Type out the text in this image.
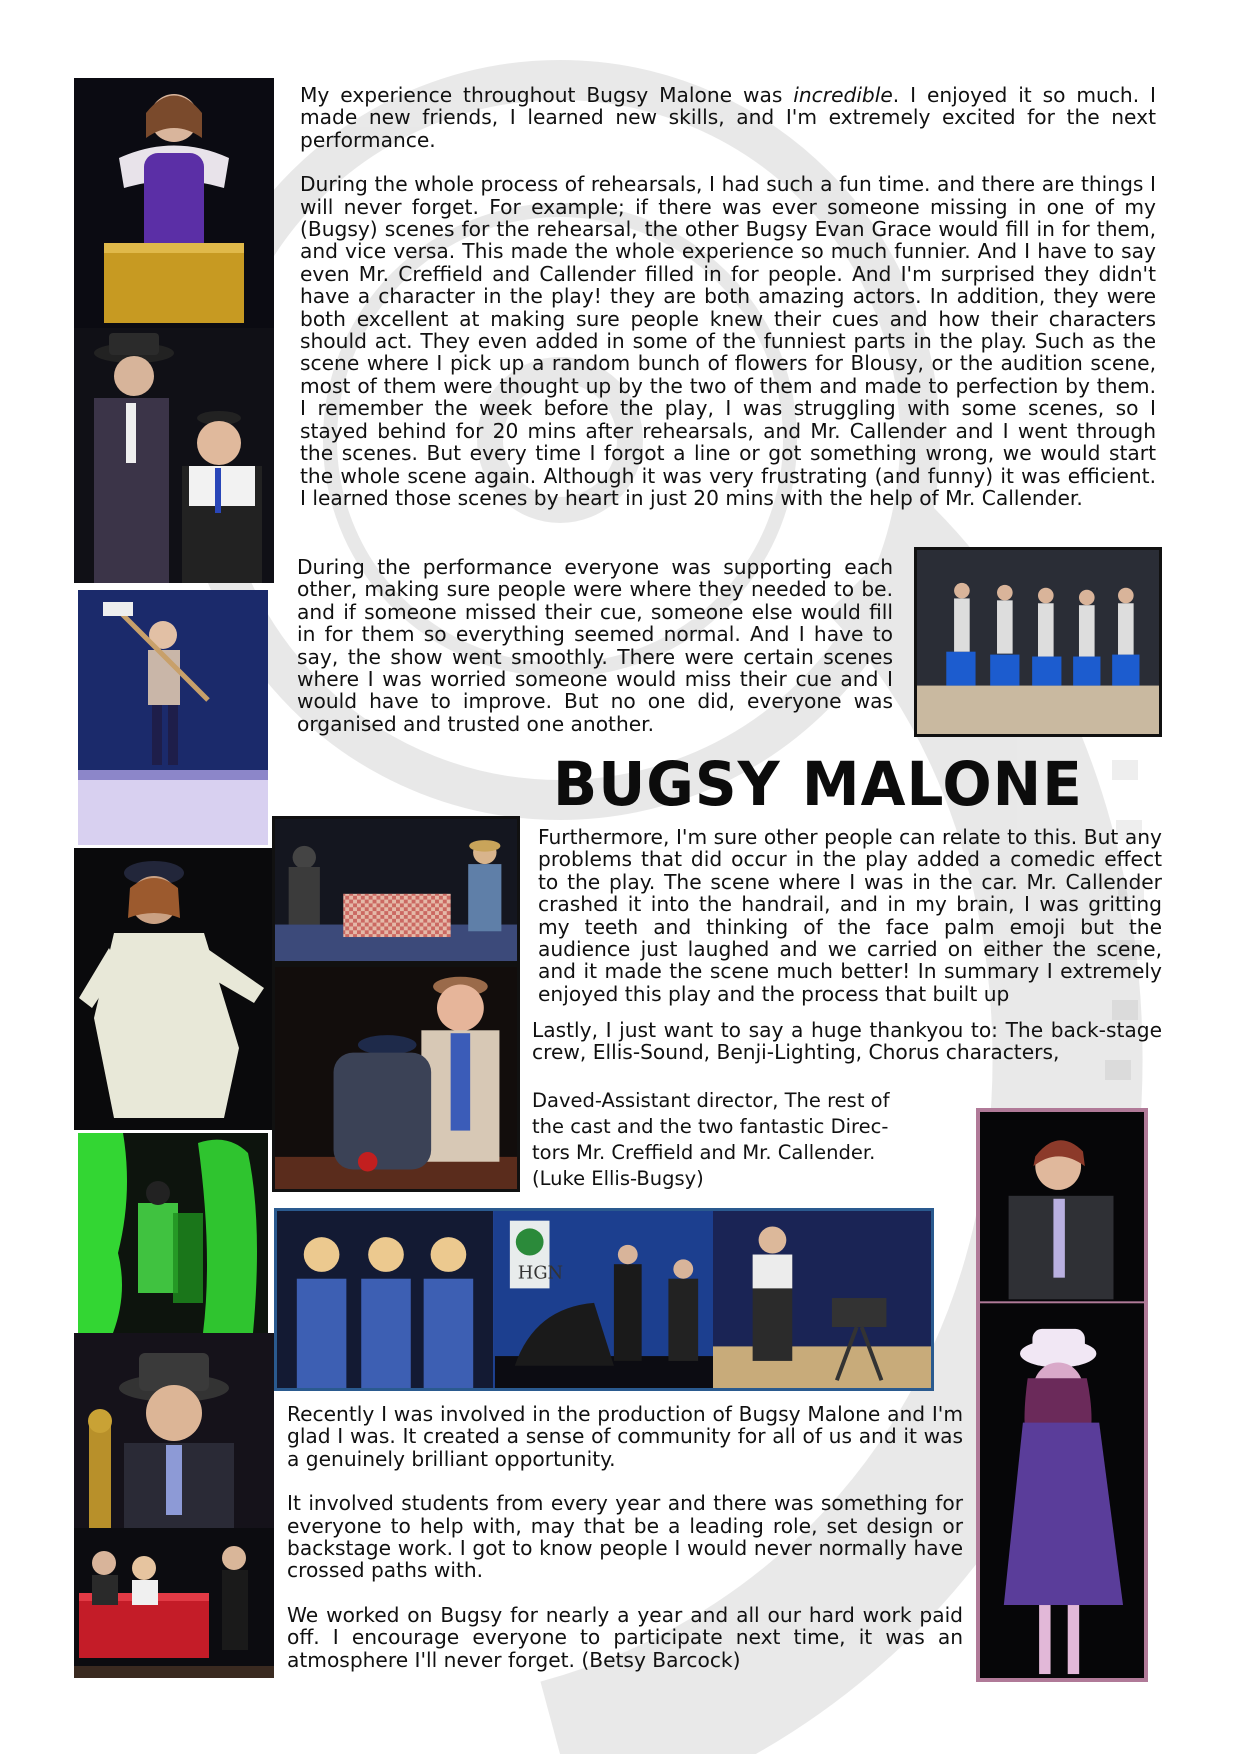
HGN

My experience throughout Bugsy Malone was incredible. I enjoyed it so much. I made new friends, I learned new skills, and I'm extremely excited for the next performance.

During the whole process of rehearsals, I had such a fun time. and there are things I will never forget. For example; if there was ever someone missing in one of my (Bugsy) scenes for the rehearsal, the other Bugsy Evan Grace would fill in for them, and vice versa. This made the whole experience so much funnier. And I have to say even Mr. Creffield and Callender filled in for people. And I'm surprised they didn't have a character in the play! they are both amazing actors. In addition, they were both excellent at making sure people knew their cues and how their characters should act. They even added in some of the funniest parts in the play. Such as the scene where I pick up a random bunch of flowers for Blousy, or the audition scene, most of them were thought up by the two of them and made to perfection by them. I remember the week before the play, I was struggling with some scenes, so I stayed behind for 20 mins after rehearsals, and Mr. Callender and I went through the scenes. But every time I forgot a line or got something wrong, we would start the whole scene again. Although it was very frustrating (and funny) it was efficient. I learned those scenes by heart in just 20 mins with the help of Mr. Callender.

During the performance everyone was supporting each other, making sure people were where they needed to be. and if someone missed their cue, someone else would fill in for them so everything seemed normal. And I have to say, the show went smoothly. There were certain scenes where I was worried someone would miss their cue and I would have to improve. But no one did, everyone was organised and trusted one another.
BUGSY MALONE
Furthermore, I'm sure other people can relate to this. But any problems that did occur in the play added a comedic effect to the play. The scene where I was in the car. Mr. Callender crashed it into the handrail, and in my brain, I was gritting my teeth and thinking of the face palm emoji but the audience just laughed and we carried on either the scene, and it made the scene much better! In summary I extremely enjoyed this play and the process that built up
Lastly, I just want to say a huge thankyou to: The back-stage crew, Ellis-Sound, Benji-Lighting, Chorus characters,
Daved-Assistant director, The rest of
the cast and the two fantastic Direc-
tors Mr. Creffield and Mr. Callender.
(Luke Ellis-Bugsy)

Recently I was involved in the production of Bugsy Malone and I'm glad I was. It created a sense of community for all of us and it was a genuinely brilliant opportunity.

It involved students from every year and there was something for everyone to help with, may that be a leading role, set design or backstage work. I got to know people I would never normally have crossed paths with.

We worked on Bugsy for nearly a year and all our hard work paid off. I encourage everyone to participate next time, it was an atmosphere I'll never forget. (Betsy Barcock)
